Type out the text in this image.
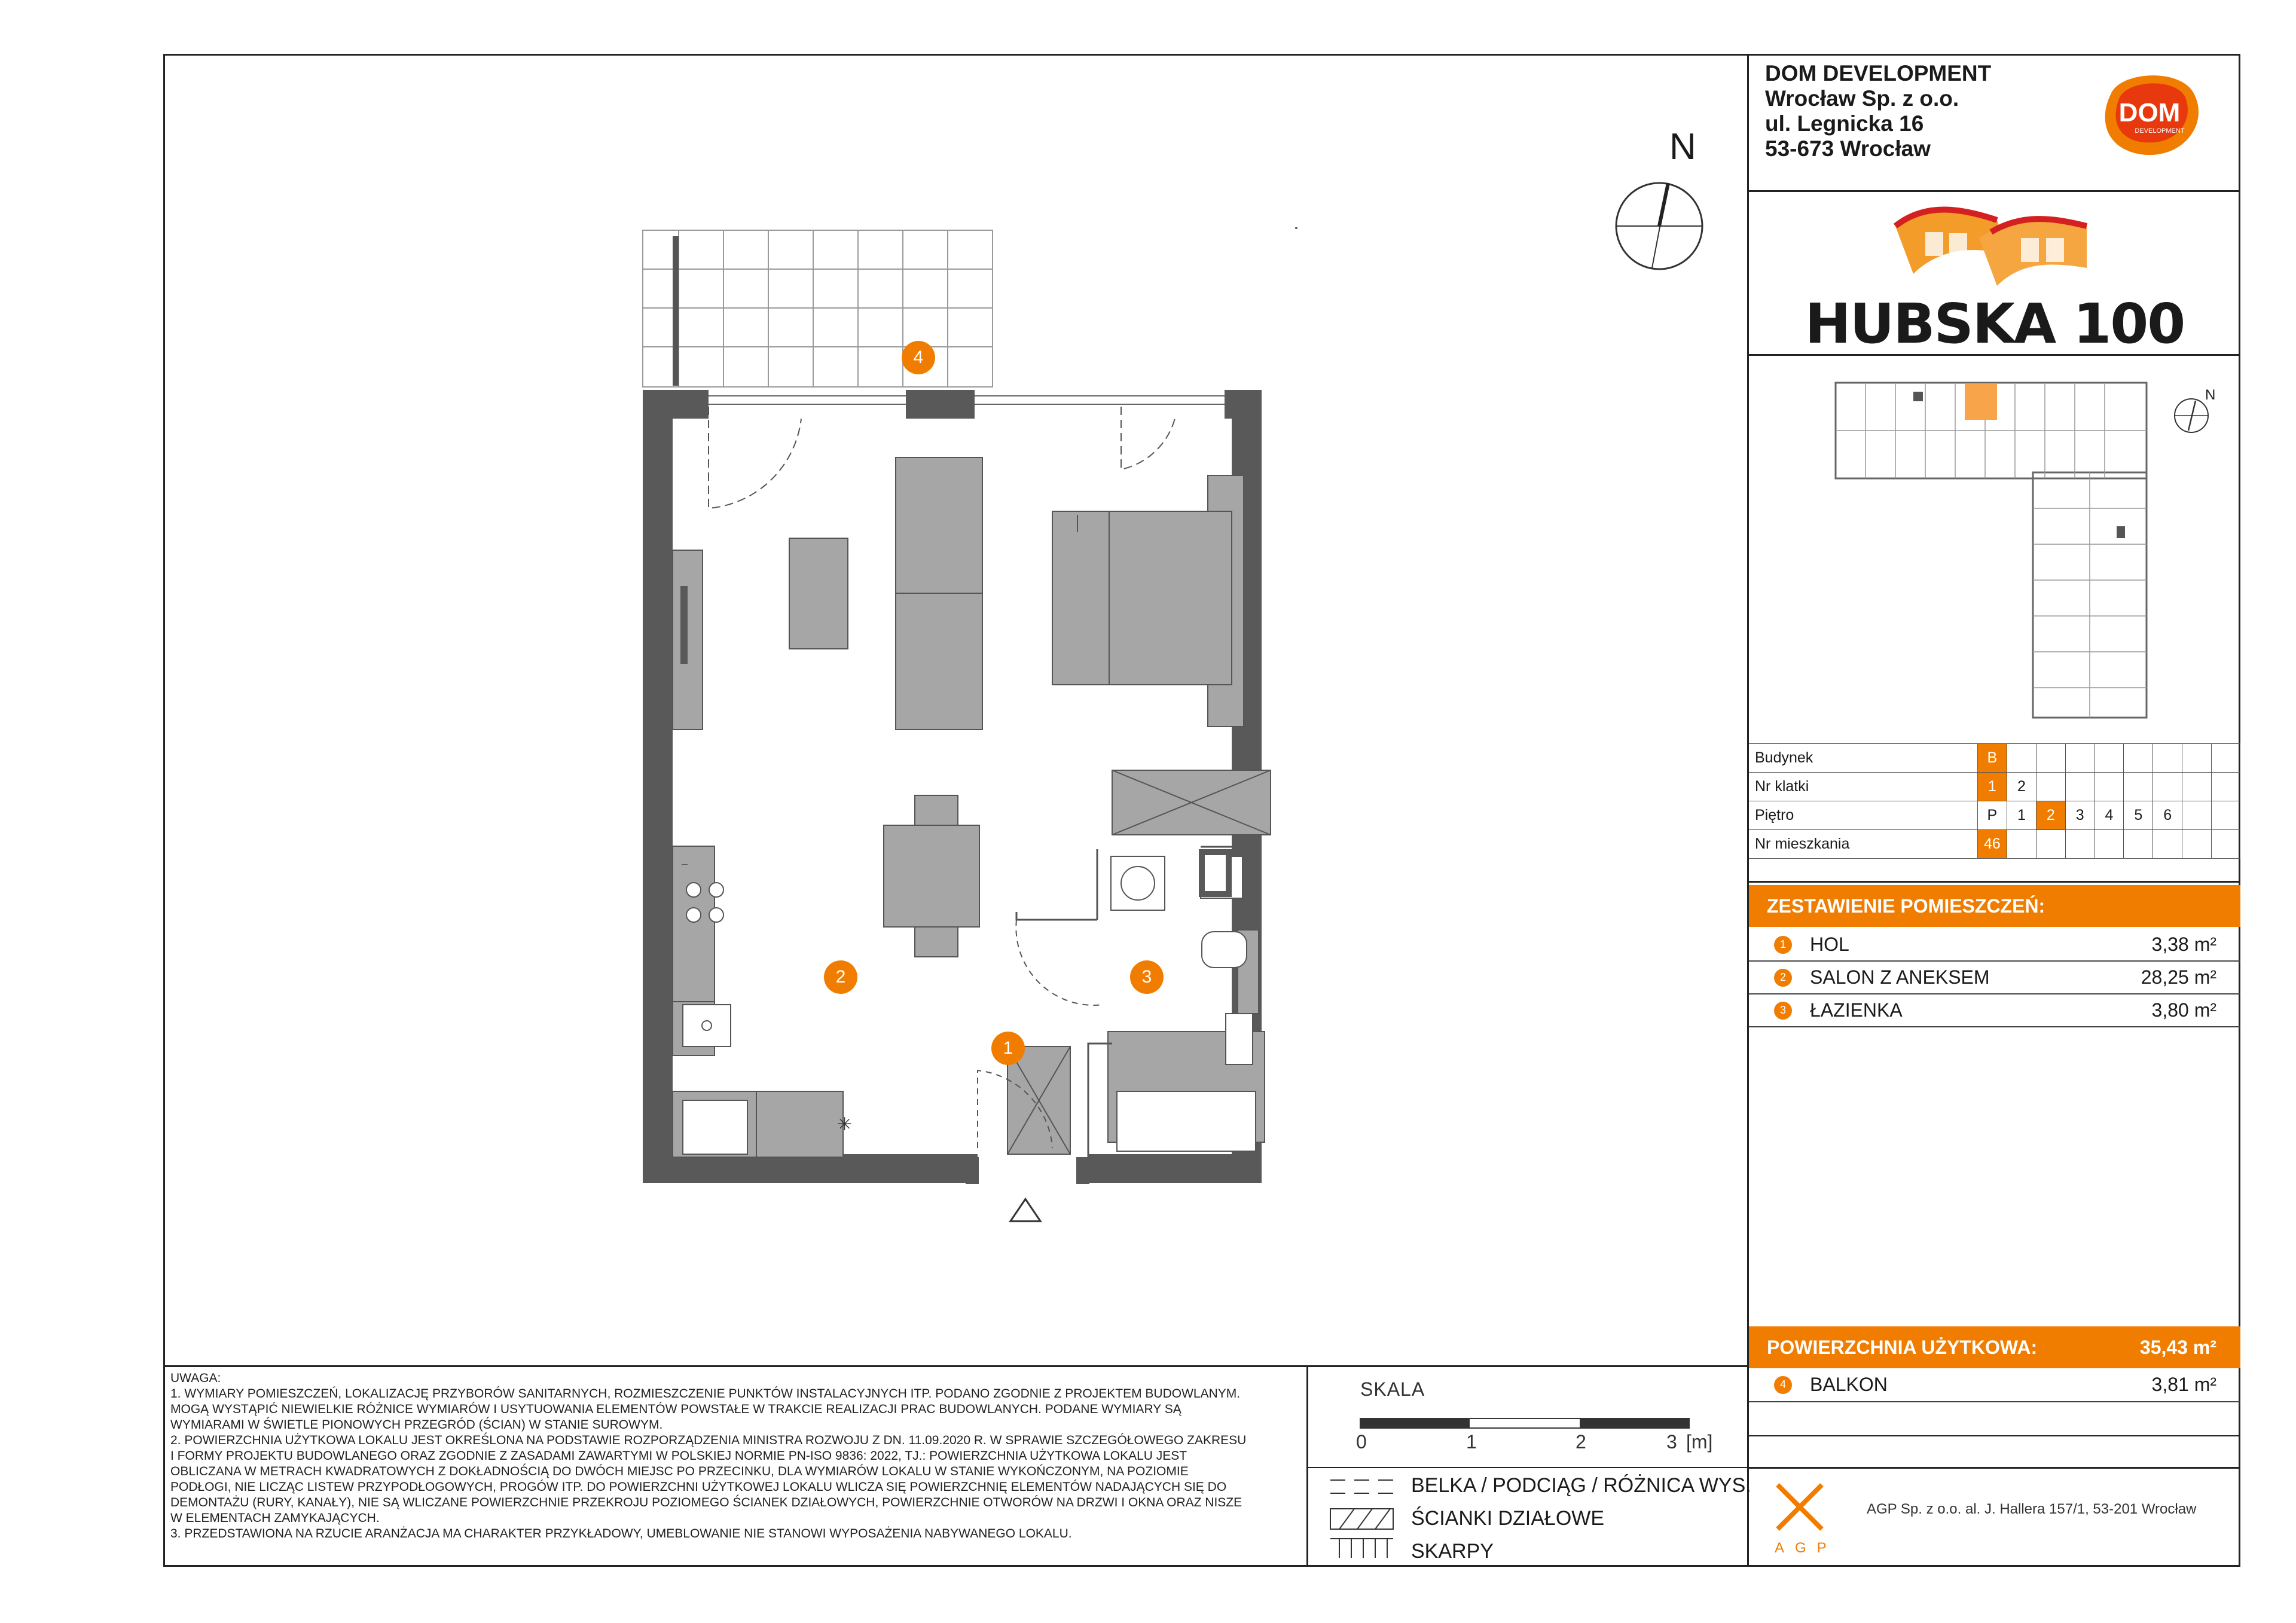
DOM DEVELOPMENT
Wrocław Sp. z o.o.
ul. Legnicka 16
53-673 Wrocław
DOM
DEVELOPMENT
HUBSKA 100
N
Budynek	B								
Nr klatki	1	2							
Piętro	P	1	2	3	4	5	6		
Nr mieszkania	46								
ZESTAWIENIE POMIESZCZEŃ:
1	HOL	3,38 m²
2	SALON Z ANEKSEM	28,25 m²
3	ŁAZIENKA	3,80 m²
POWIERZCHNIA UŻYTKOWA:	35,43 m²
4	BALKON	3,81 m²
N
✳
4
2	3
1
UWAGA:
1. WYMIARY POMIESZCZEŃ, LOKALIZACJĘ PRZYBORÓW SANITARNYCH, ROZMIESZCZENIE PUNKTÓW INSTALACYJNYCH ITP. PODANO ZGODNIE Z PROJEKTEM BUDOWLANYM.
MOGĄ WYSTĄPIĆ NIEWIELKIE RÓŻNICE WYMIARÓW I USYTUOWANIA ELEMENTÓW POWSTAŁE W TRAKCIE REALIZACJI PRAC BUDOWLANYCH. PODANE WYMIARY SĄ
WYMIARAMI W ŚWIETLE PIONOWYCH PRZEGRÓD (ŚCIAN) W STANIE SUROWYM.
2. POWIERZCHNIA UŻYTKOWA LOKALU JEST OKREŚLONA NA PODSTAWIE ROZPORZĄDZENIA MINISTRA ROZWOJU Z DN. 11.09.2020 R. W SPRAWIE SZCZEGÓŁOWEGO ZAKRESU
I FORMY PROJEKTU BUDOWLANEGO ORAZ ZGODNIE Z ZASADAMI ZAWARTYMI W POLSKIEJ NORMIE PN-ISO 9836: 2022, TJ.: POWIERZCHNIA UŻYTKOWA LOKALU JEST
OBLICZANA W METRACH KWADRATOWYCH Z DOKŁADNOŚCIĄ DO DWÓCH MIEJSC PO PRZECINKU, DLA WYMIARÓW LOKALU W STANIE WYKOŃCZONYM, NA POZIOMIE
PODŁOGI, NIE LICZĄC LISTEW PRZYPODŁOGOWYCH, PROGÓW ITP. DO POWIERZCHNI UŻYTKOWEJ LOKALU WLICZA SIĘ POWIERZCHNIĘ ELEMENTÓW NADAJĄCYCH SIĘ DO
DEMONTAŻU (RURY, KANAŁY), NIE SĄ WLICZANE POWIERZCHNIE PRZEKROJU POZIOMEGO ŚCIANEK DZIAŁOWYCH, POWIERZCHNIE OTWORÓW NA DRZWI I OKNA ORAZ NISZE
W ELEMENTACH ZAMYKAJĄCYCH.
3. PRZEDSTAWIONA NA RZUCIE ARANŻACJA MA CHARAKTER PRZYKŁADOWY, UMEBLOWANIE NIE STANOWI WYPOSAŻENIA NABYWANEGO LOKALU.
SKALA
0	1	2	3 [m]
BELKA / PODCIĄG / RÓŻNICA WYS.
ŚCIANKI DZIAŁOWE
SKARPY	AGP
AGP Sp. z o.o. al. J. Hallera 157/1, 53-201 Wrocław
